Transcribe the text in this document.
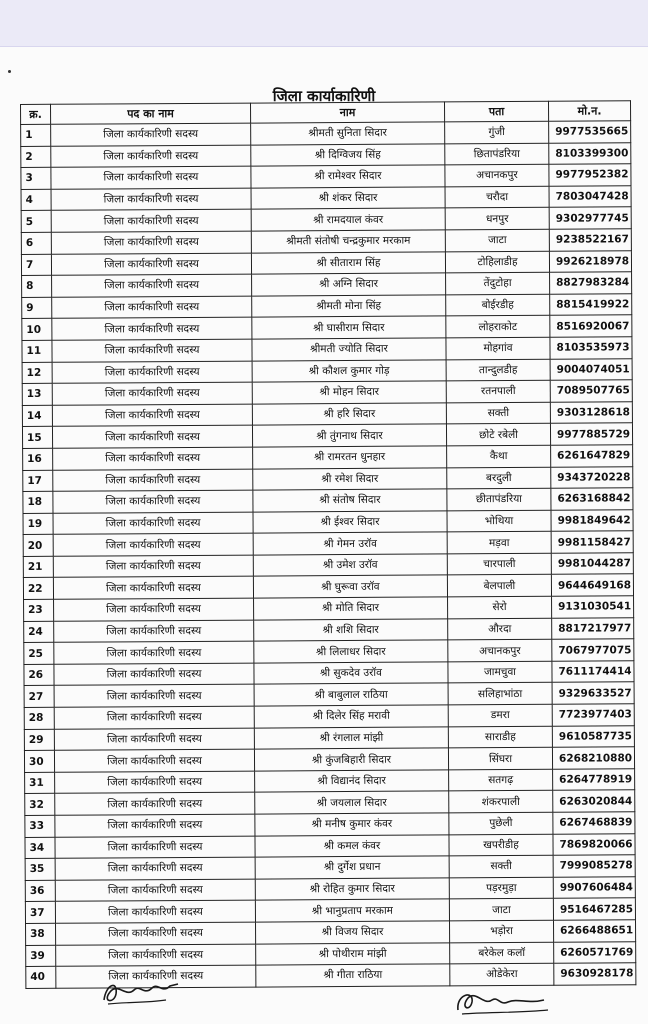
जिला कार्याकारिणी
क्र.	पद का नाम	नाम	पता	मो.न.
1	जिला कार्यकारिणी सदस्य	श्रीमती सुनिता सिदार	गुंजी	9977535665
2	जिला कार्यकारिणी सदस्य	श्री दिग्विजय सिंह	छितापंडरिया	8103399300
3	जिला कार्यकारिणी सदस्य	श्री रामेश्वर सिदार	अचानकपुर	9977952382
4	जिला कार्यकारिणी सदस्य	श्री शंकर सिदार	चरौदा	7803047428
5	जिला कार्यकारिणी सदस्य	श्री रामदयाल कंवर	धनपुर	9302977745
6	जिला कार्यकारिणी सदस्य	श्रीमती संतोषी चन्द्रकुमार मरकाम	जाटा	9238522167
7	जिला कार्यकारिणी सदस्य	श्री सीताराम सिंह	टोहिलाडीह	9926218978
8	जिला कार्यकारिणी सदस्य	श्री अग्नि सिदार	तेंदुटोहा	8827983284
9	जिला कार्यकारिणी सदस्य	श्रीमती मोना सिंह	बोईरडीह	8815419922
10	जिला कार्यकारिणी सदस्य	श्री घासीराम सिदार	लोहराकोट	8516920067
11	जिला कार्यकारिणी सदस्य	श्रीमती ज्योति सिदार	मोहगांव	8103535973
12	जिला कार्यकारिणी सदस्य	श्री कौशल कुमार गोड़	तान्दुलडीह	9004074051
13	जिला कार्यकारिणी सदस्य	श्री मोहन सिदार	रतनपाली	7089507765
14	जिला कार्यकारिणी सदस्य	श्री हरि सिदार	सक्ती	9303128618
15	जिला कार्यकारिणी सदस्य	श्री तुंगनाथ सिदार	छोटे रबेली	9977885729
16	जिला कार्यकारिणी सदस्य	श्री रामरतन धुनहार	कैथा	6261647829
17	जिला कार्यकारिणी सदस्य	श्री रमेश सिदार	बरदुली	9343720228
18	जिला कार्यकारिणी सदस्य	श्री संतोष सिदार	छीतापंडरिया	6263168842
19	जिला कार्यकारिणी सदस्य	श्री ईश्वर सिदार	भोथिया	9981849642
20	जिला कार्यकारिणी सदस्य	श्री गेमन उरॉव	मड़वा	9981158427
21	जिला कार्यकारिणी सदस्य	श्री उमेश उरॉव	चारपाली	9981044287
22	जिला कार्यकारिणी सदस्य	श्री घुरूवा उरॉव	बेलपाली	9644649168
23	जिला कार्यकारिणी सदस्य	श्री मोति सिदार	सेरो	9131030541
24	जिला कार्यकारिणी सदस्य	श्री शशि सिदार	औरदा	8817217977
25	जिला कार्यकारिणी सदस्य	श्री लिलाधर सिदार	अचानकपुर	7067977075
26	जिला कार्यकारिणी सदस्य	श्री सुकदेव उरॉव	जामचुवा	7611174414
27	जिला कार्यकारिणी सदस्य	श्री बाबुलाल राठिया	सलिहाभांठा	9329633527
28	जिला कार्यकारिणी सदस्य	श्री दिलेर सिंह मरावी	डमरा	7723977403
29	जिला कार्यकारिणी सदस्य	श्री रंगलाल मांझी	साराडीह	9610587735
30	जिला कार्यकारिणी सदस्य	श्री कुंजबिहारी सिदार	सिंघरा	6268210880
31	जिला कार्यकारिणी सदस्य	श्री विद्यानंद सिदार	सतगढ़	6264778919
32	जिला कार्यकारिणी सदस्य	श्री जयलाल सिदार	शंकरपाली	6263020844
33	जिला कार्यकारिणी सदस्य	श्री मनीष कुमार कंवर	पुछेली	6267468839
34	जिला कार्यकारिणी सदस्य	श्री कमल कंवर	खपरीडीह	7869820066
35	जिला कार्यकारिणी सदस्य	श्री दुर्गेश प्रधान	सक्ती	7999085278
36	जिला कार्यकारिणी सदस्य	श्री रोहित कुमार सिदार	पड़रमुड़ा	9907606484
37	जिला कार्यकारिणी सदस्य	श्री भानुप्रताप मरकाम	जाटा	9516467285
38	जिला कार्यकारिणी सदस्य	श्री विजय सिदार	भड़ोरा	6266488651
39	जिला कार्यकारिणी सदस्य	श्री पोथीराम मांझी	बरेकेल कलॉ	6260571769
40	जिला कार्यकारिणी सदस्य	श्री गीता राठिया	ओडेकेरा	9630928178
